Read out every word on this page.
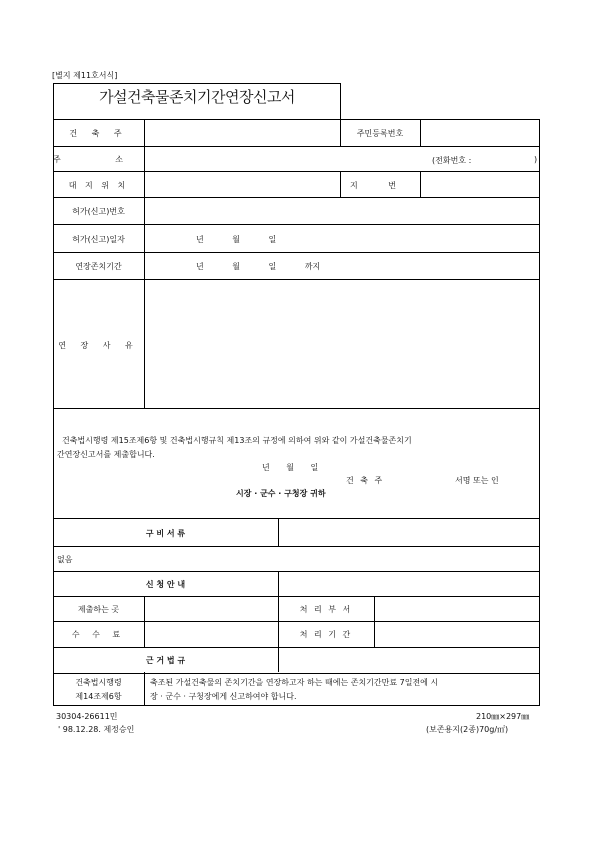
[별지 제11호서식]
가설건축물존치기간연장신고서
건 축 주	주민등록번호
주 소	(전화번호 :	)
대 지 위 치	지 번
허가(신고)번호
허가(신고)일자	년 월 일
연장존치기간	년 월 일 까지
연 장 사 유
건축법시행령 제15조제6항 및 건축법시행규칙 제13조의 규정에 의하여 위와 같이 가설건축물존치기
간연장신고서를 제출합니다.
년 월 일
건 축 주	서명 또는 인
시장 · 군수 · 구청장 귀하
구 비 서 류
없음
신 청 안 내
제출하는 곳	처 리 부 서
수 수 료	처 리 기 간
근 거 법 규
건축법시행령
제14조제6항
축조된 가설건축물의 존치기간을 연장하고자 하는 때에는 존치기간만료 7일전에 시
장 · 군수 · 구청장에게 신고하여야 합니다.
30304-26611민
' 98.12.28. 제정승인
210㎜×297㎜
(보존용지(2종)70g/㎡)
